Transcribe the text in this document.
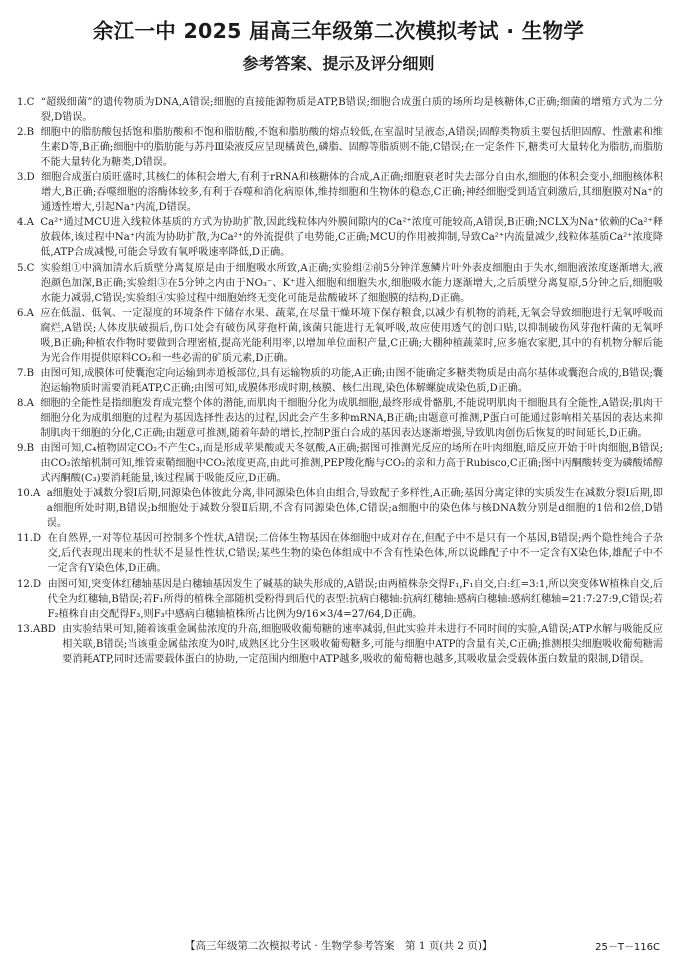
余江一中 2025 届高三年级第二次模拟考试 · 生物学
参考答案、提示及评分细则
1.C
“超级细菌”的遗传物质为DNA,A错误;细胞的直接能源物质是ATP,B错误;细胞合成蛋白质的场所均是核糖体,C正确;细菌的增殖方式为二分裂,D错误。
2.B
细胞中的脂肪酸包括饱和脂肪酸和不饱和脂肪酸,不饱和脂肪酸的熔点较低,在室温时呈液态,A错误;固醇类物质主要包括胆固醇、性激素和维生素D等,B正确;细胞中的脂肪能与苏丹Ⅲ染液反应呈现橘黄色,磷脂、固醇等脂质则不能,C错误;在一定条件下,糖类可大量转化为脂肪,而脂肪不能大量转化为糖类,D错误。
3.D
细胞合成蛋白质旺盛时,其核仁的体积会增大,有利于rRNA和核糖体的合成,A正确;细胞衰老时失去部分自由水,细胞的体积会变小,细胞核体积增大,B正确;吞噬细胞的溶酶体较多,有利于吞噬和消化病原体,维持细胞和生物体的稳态,C正确;神经细胞受到适宜刺激后,其细胞膜对Na⁺的通透性增大,引起Na⁺内流,D错误。
4.A
Ca²⁺通过MCU进入线粒体基质的方式为协助扩散,因此线粒体内外膜间隙内的Ca²⁺浓度可能较高,A错误,B正确;NCLX为Na⁺依赖的Ca²⁺释放载体,该过程中Na⁺内流为协助扩散,为Ca²⁺的外流提供了电势能,C正确;MCU的作用被抑制,导致Ca²⁺内流量减少,线粒体基质Ca²⁺浓度降低,ATP合成减慢,可能会导致有氧呼吸速率降低,D正确。
5.C
实验组①中滴加清水后质壁分离复原是由于细胞吸水所致,A正确;实验组②前5分钟洋葱鳞片叶外表皮细胞由于失水,细胞液浓度逐渐增大,液泡颜色加深,B正确;实验组③在5分钟之内由于NO₃⁻、K⁺进入细胞和细胞失水,细胞吸水能力逐渐增大,之后质壁分离复原,5分钟之后,细胞吸水能力减弱,C错误;实验组④实验过程中细胞始终无变化可能是盐酸破坏了细胞膜的结构,D正确。
6.A
应在低温、低氧、一定湿度的环境条件下储存水果、蔬菜,在尽量干燥环境下保存粮食,以减少有机物的消耗,无氧会导致细胞进行无氧呼吸而腐烂,A错误;人体皮肤破损后,伤口处会有破伤风芽孢杆菌,该菌只能进行无氧呼吸,故应使用透气的创口贴,以抑制破伤风芽孢杆菌的无氧呼吸,B正确;种植农作物时要做到合理密植,提高光能利用率,以增加单位面积产量,C正确;大棚种植蔬菜时,应多施农家肥,其中的有机物分解后能为光合作用提供原料CO₂和一些必需的矿质元素,D正确。
7.B
由图可知,成膜体可使囊泡定向运输到赤道板部位,具有运输物质的功能,A正确;由图不能确定多糖类物质是由高尔基体或囊泡合成的,B错误;囊泡运输物质时需要消耗ATP,C正确;由图可知,成膜体形成时期,核膜、核仁出现,染色体解螺旋成染色质,D正确。
8.A
细胞的全能性是指细胞发育成完整个体的潜能,而肌肉干细胞分化为成肌细胞,最终形成骨骼肌,不能说明肌肉干细胞具有全能性,A错误;肌肉干细胞分化为成肌细胞的过程为基因选择性表达的过程,因此会产生多种mRNA,B正确;由题意可推测,P蛋白可能通过影响相关基因的表达来抑制肌肉干细胞的分化,C正确;由题意可推测,随着年龄的增长,控制P蛋白合成的基因表达逐渐增强,导致肌肉创伤后恢复的时间延长,D正确。
9.B
由图可知,C₄植物固定CO₂不产生C₃,而是形成苹果酸或天冬氨酸,A正确;据图可推测光反应的场所在叶肉细胞,暗反应开始于叶肉细胞,B错误;由CO₂浓缩机制可知,维管束鞘细胞中CO₂浓度更高,由此可推测,PEP羧化酶与CO₂的亲和力高于Rubisco,C正确;图中丙酮酸转变为磷酸烯醇式丙酮酸(C₃)要消耗能量,该过程属于吸能反应,D正确。
10.A
a细胞处于减数分裂Ⅰ后期,同源染色体彼此分离,非同源染色体自由组合,导致配子多样性,A正确;基因分离定律的实质发生在减数分裂Ⅰ后期,即a细胞所处时期,B错误;b细胞处于减数分裂Ⅱ后期,不含有同源染色体,C错误;a细胞中的染色体与核DNA数分别是d细胞的1倍和2倍,D错误。
11.D
在自然界,一对等位基因可控制多个性状,A错误;二倍体生物基因在体细胞中成对存在,但配子中不是只有一个基因,B错误;两个隐性纯合子杂交,后代表现出现来的性状不是显性性状,C错误;某些生物的染色体组成中不含有性染色体,所以说雌配子中不一定含有X染色体,雄配子中不一定含有Y染色体,D正确。
12.D
由图可知,突变体红穗轴基因是白穗轴基因发生了碱基的缺失形成的,A错误;由两植株杂交得F₁,F₁自交,白:红=3:1,所以突变体W植株自交,后代全为红穗轴,B错误;若F₁所得的植株全部随机受粉得到后代的表型:抗病白穗轴:抗病红穗轴:感病白穗轴:感病红穗轴=21:7:27:9,C错误;若F₂植株自由交配得F₃,则F₃中感病白穗轴植株所占比例为9/16×3/4=27/64,D正确。
13.ABD
由实验结果可知,随着该重金属盐浓度的升高,细胞吸收葡萄糖的速率减弱,但此实验并未进行不同时间的实验,A错误;ATP水解与吸能反应相关联,B错误;当该重金属盐浓度为0时,成熟区比分生区吸收葡萄糖多,可能与细胞中ATP的含量有关,C正确;推测根尖细胞吸收葡萄糖需要消耗ATP,同时还需要载体蛋白的协助,一定范围内细胞中ATP越多,吸收的葡萄糖也越多,其吸收量会受载体蛋白数量的限制,D错误。
【高三年级第二次模拟考试 · 生物学参考答案　第 1 页(共 2 页)】	25－T－116C
